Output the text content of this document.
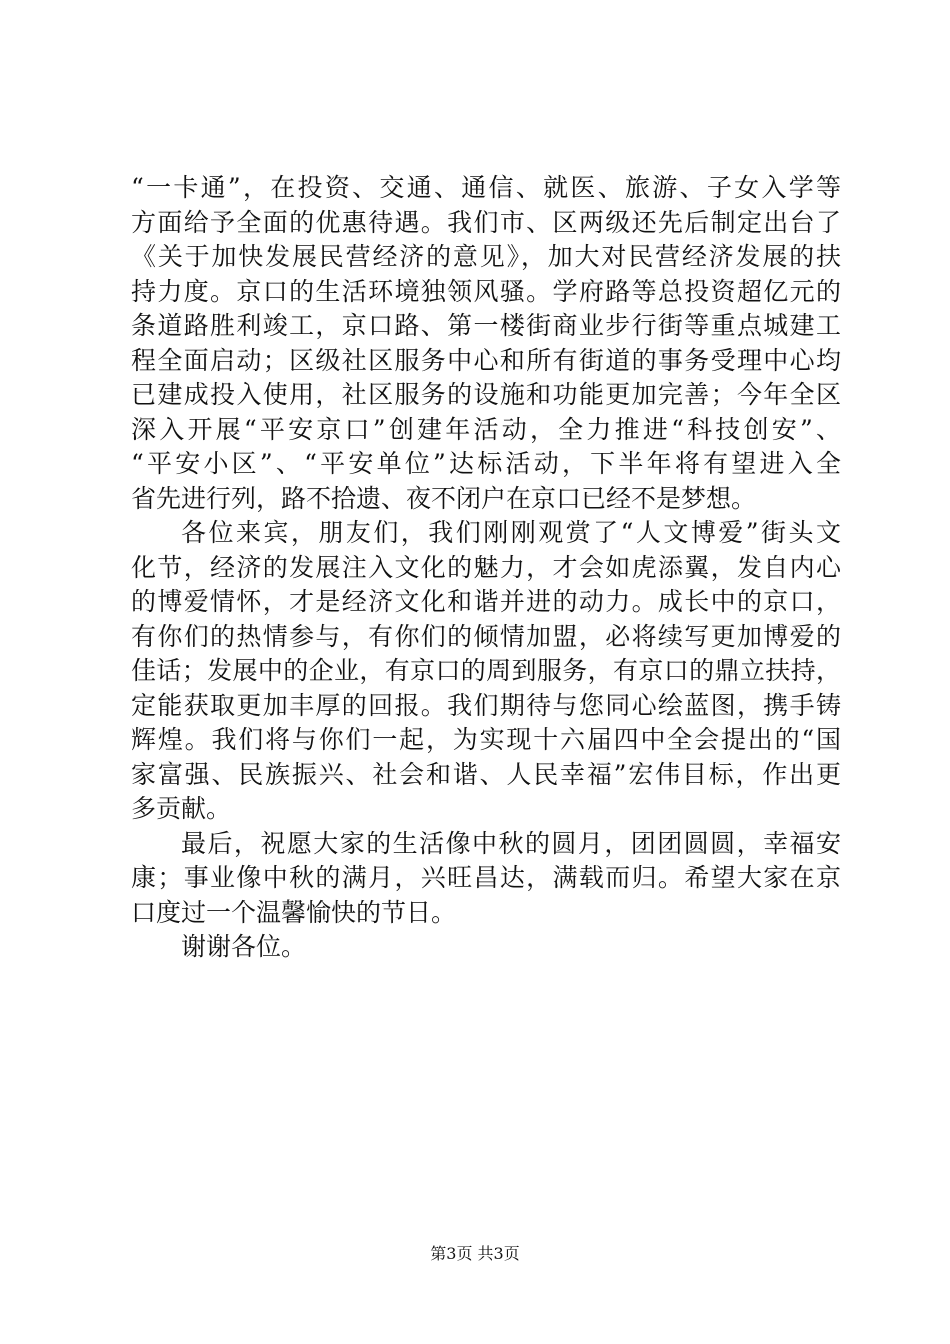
“一卡通”，在投资、交通、通信、就医、旅游、子女入学等
方面给予全面的优惠待遇。我们市、区两级还先后制定出台了
《关于加快发展民营经济的意见》，加大对民营经济发展的扶
持力度。京口的生活环境独领风骚。学府路等总投资超亿元的
条道路胜利竣工，京口路、第一楼街商业步行街等重点城建工
程全面启动；区级社区服务中心和所有街道的事务受理中心均
已建成投入使用，社区服务的设施和功能更加完善；今年全区
深入开展“平安京口”创建年活动，全力推进“科技创安”、
“平安小区”、“平安单位”达标活动，下半年将有望进入全
省先进行列，路不拾遗、夜不闭户在京口已经不是梦想。
各位来宾，朋友们，我们刚刚观赏了“人文博爱”街头文
化节，经济的发展注入文化的魅力，才会如虎添翼，发自内心
的博爱情怀，才是经济文化和谐并进的动力。成长中的京口，
有你们的热情参与，有你们的倾情加盟，必将续写更加博爱的
佳话；发展中的企业，有京口的周到服务，有京口的鼎立扶持，
定能获取更加丰厚的回报。我们期待与您同心绘蓝图，携手铸
辉煌。我们将与你们一起，为实现十六届四中全会提出的“国
家富强、民族振兴、社会和谐、人民幸福”宏伟目标，作出更
多贡献。
最后，祝愿大家的生活像中秋的圆月，团团圆圆，幸福安
康；事业像中秋的满月，兴旺昌达，满载而归。希望大家在京
口度过一个温馨愉快的节日。
谢谢各位。
第3页 共3页
